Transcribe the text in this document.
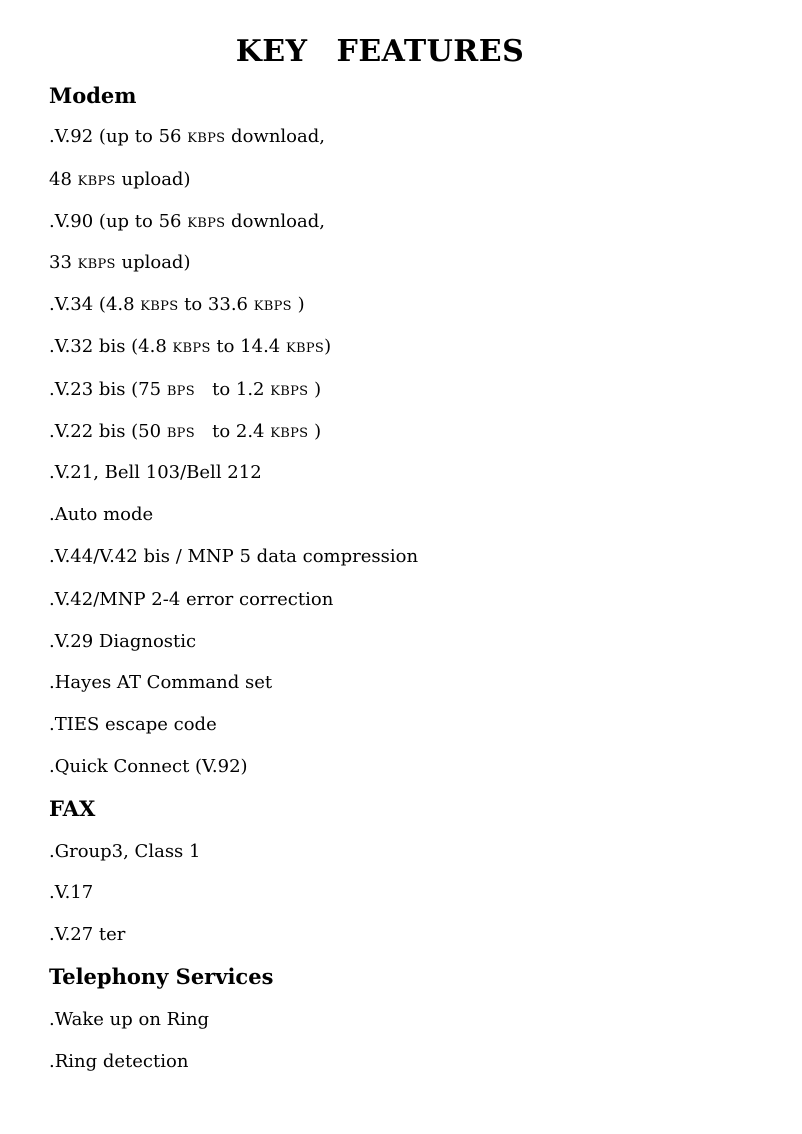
KEY FEATURES
Modem

.V.92 (up to 56 KBPS download,

48 KBPS upload)

.V.90 (up to 56 KBPS download,

33 KBPS upload)

.V.34 (4.8 KBPS to 33.6 KBPS )

.V.32 bis (4.8 KBPS to 14.4 KBPS)

.V.23 bis (75 BPS   to 1.2 KBPS )

.V.22 bis (50 BPS   to 2.4 KBPS )

.V.21, Bell 103/Bell 212

.Auto mode

.V.44/V.42 bis / MNP 5 data compression

.V.42/MNP 2-4 error correction

.V.29 Diagnostic

.Hayes AT Command set

.TIES escape code

.Quick Connect (V.92)

FAX

.Group3, Class 1

.V.17

.V.27 ter

Telephony Services

.Wake up on Ring

.Ring detection
